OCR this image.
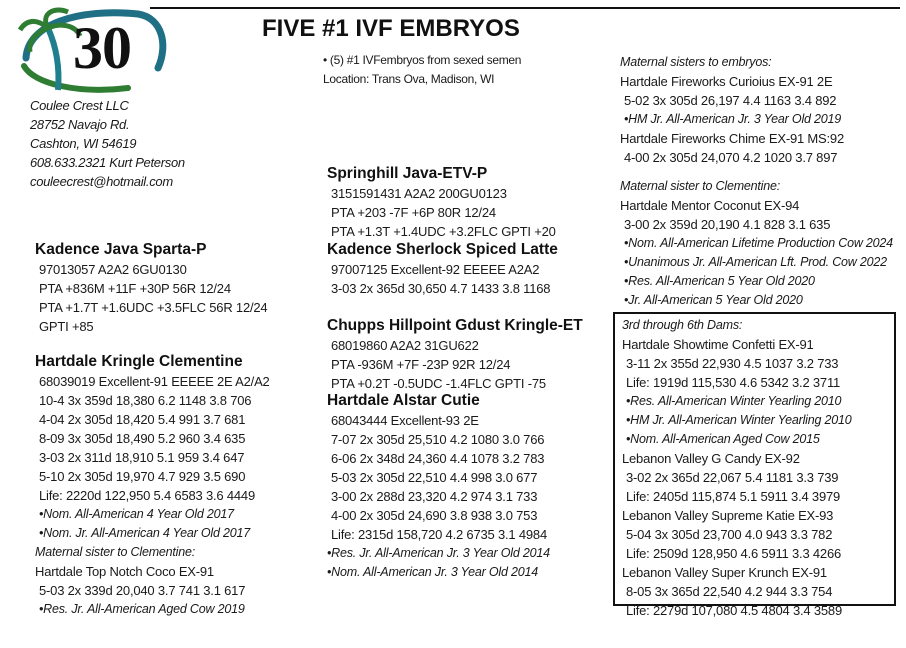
30	FIVE #1 IVF EMBRYOS
Coulee Crest LLC
28752 Navajo Rd.
Cashton, WI 54619
608.633.2321 Kurt Peterson
couleecrest@hotmail.com
• (5) #1 IVFembryos from sexed semen
Location: Trans Ova, Madison, WI
Kadence Java Sparta-P
97013057 A2A2 6GU0130
PTA +836M +11F +30P 56R 12/24
PTA +1.7T +1.6UDC +3.5FLC 56R 12/24
GPTI +85
Hartdale Kringle Clementine
68039019 Excellent-91 EEEEE 2E A2/A2
10-4 3x 359d 18,380 6.2 1148 3.8 706
4-04 2x 305d 18,420 5.4 991 3.7 681
8-09 3x 305d 18,490 5.2 960 3.4 635
3-03 2x 311d 18,910 5.1 959 3.4 647
5-10 2x 305d 19,970 4.7 929 3.5 690
Life: 2220d 122,950 5.4 6583 3.6 4449
•Nom. All-American 4 Year Old 2017
•Nom. Jr. All-American 4 Year Old 2017
Maternal sister to Clementine:
Hartdale Top Notch Coco EX-91
5-03 2x 339d 20,040 3.7 741 3.1 617
•Res. Jr. All-American Aged Cow 2019
Springhill Java-ETV-P
3151591431 A2A2 200GU0123
PTA +203 -7F +6P 80R 12/24
PTA +1.3T +1.4UDC +3.2FLC GPTI +20
Kadence Sherlock Spiced Latte
97007125 Excellent-92 EEEEE A2A2
3-03 2x 365d 30,650 4.7 1433 3.8 1168
Chupps Hillpoint Gdust Kringle-ET
68019860 A2A2 31GU622
PTA -936M +7F -23P 92R 12/24
PTA +0.2T -0.5UDC -1.4FLC GPTI -75
Hartdale Alstar Cutie
68043444 Excellent-93 2E
7-07 2x 305d 25,510 4.2 1080 3.0 766
6-06 2x 348d 24,360 4.4 1078 3.2 783
5-03 2x 305d 22,510 4.4 998 3.0 677
3-00 2x 288d 23,320 4.2 974 3.1 733
4-00 2x 305d 24,690 3.8 938 3.0 753
Life: 2315d 158,720 4.2 6735 3.1 4984
•Res. Jr. All-American Jr. 3 Year Old 2014
•Nom. All-American Jr. 3 Year Old 2014
Maternal sisters to embryos:
Hartdale Fireworks Curioius EX-91 2E
5-02 3x 305d 26,197 4.4 1163 3.4 892
•HM Jr. All-American Jr. 3 Year Old 2019
Hartdale Fireworks Chime EX-91 MS:92
4-00 2x 305d 24,070 4.2 1020 3.7 897
Maternal sister to Clementine:
Hartdale Mentor Coconut EX-94
3-00 2x 359d 20,190 4.1 828 3.1 635
•Nom. All-American Lifetime Production Cow 2024
•Unanimous Jr. All-American Lft. Prod. Cow 2022
•Res. All-American 5 Year Old 2020
•Jr. All-American 5 Year Old 2020
3rd through 6th Dams:
Hartdale Showtime Confetti EX-91
3-11 2x 355d 22,930 4.5 1037 3.2 733
Life: 1919d 115,530 4.6 5342 3.2 3711
•Res. All-American Winter Yearling 2010
•HM Jr. All-American Winter Yearling 2010
•Nom. All-American Aged Cow 2015
Lebanon Valley G Candy EX-92
3-02 2x 365d 22,067 5.4 1181 3.3 739
Life: 2405d 115,874 5.1 5911 3.4 3979
Lebanon Valley Supreme Katie EX-93
5-04 3x 305d 23,700 4.0 943 3.3 782
Life: 2509d 128,950 4.6 5911 3.3 4266
Lebanon Valley Super Krunch EX-91
8-05 3x 365d 22,540 4.2 944 3.3 754
Life: 2279d 107,080 4.5 4804 3.4 3589
